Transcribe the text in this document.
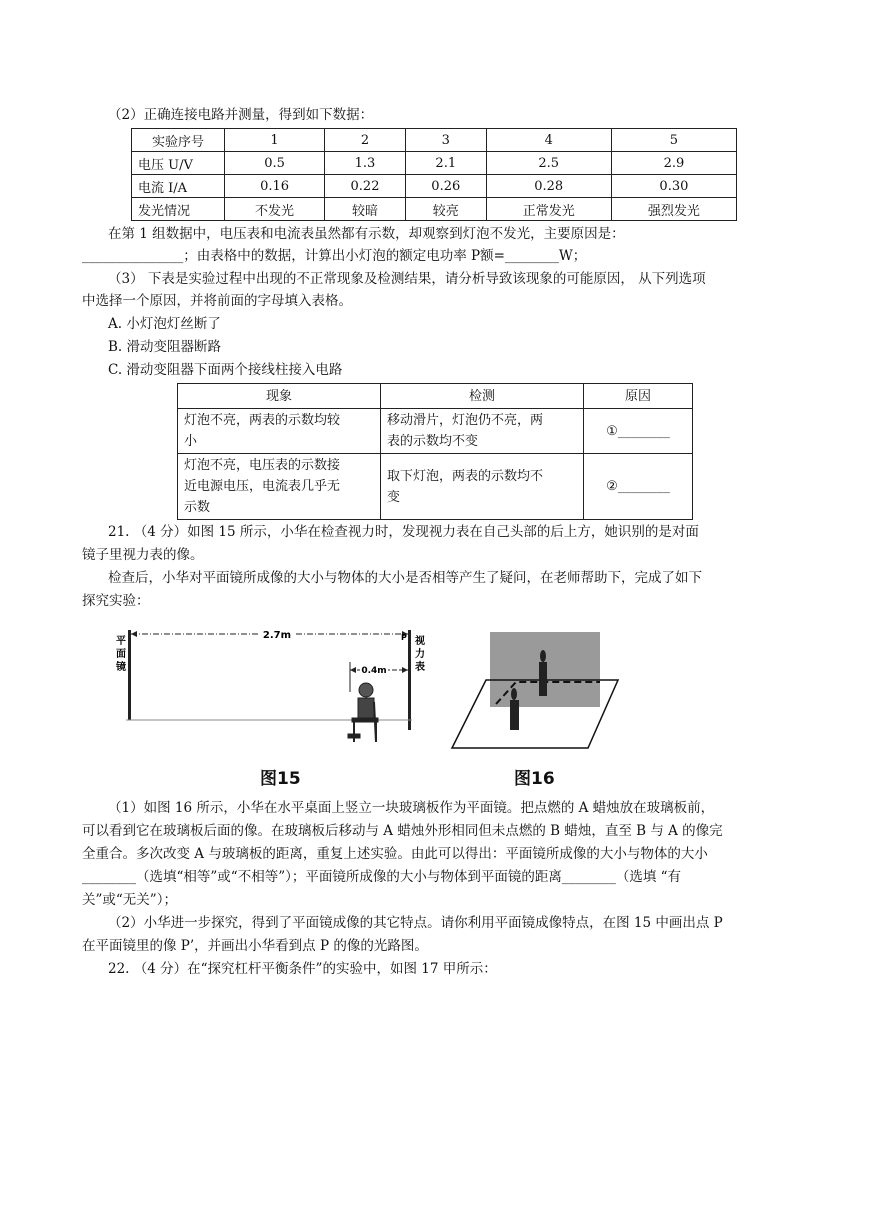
（2）正确连接电路并测量，得到如下数据：
实验序号	1	2	3	4	5
电压 U/V	0.5	1.3	2.1	2.5	2.9
电流 I/A	0.16	0.22	0.26	0.28	0.30
发光情况	不发光	较暗	较亮	正常发光	强烈发光
在第 1 组数据中，电压表和电流表虽然都有示数，却观察到灯泡不发光，主要原因是：
_______________；由表格中的数据，计算出小灯泡的额定电功率 P额=________W；
（3） 下表是实验过程中出现的不正常现象及检测结果，请分析导致该现象的可能原因， 从下列选项
中选择一个原因，并将前面的字母填入表格。
A. 小灯泡灯丝断了
B. 滑动变阻器断路
C. 滑动变阻器下面两个接线柱接入电路
现象	检测	原因
灯泡不亮，两表的示数均较
小	移动滑片，灯泡仍不亮，两
表的示数均不变	①________
灯泡不亮，电压表的示数接
近电源电压，电流表几乎无
示数	取下灯泡，两表的示数均不
变	②________
21. （4 分）如图 15 所示，小华在检查视力时，发现视力表在自己头部的后上方，她识别的是对面
镜子里视力表的像。
检查后，小华对平面镜所成像的大小与物体的大小是否相等产生了疑问，在老师帮助下，完成了如下
探究实验：
2.7m
0.4m
平 面 镜
P 视 力 表
图15	图16
（1）如图 16 所示，小华在水平桌面上竖立一块玻璃板作为平面镜。把点燃的 A 蜡烛放在玻璃板前，
可以看到它在玻璃板后面的像。在玻璃板后移动与 A 蜡烛外形相同但未点燃的 B 蜡烛，直至 B 与 A 的像完
全重合。多次改变 A 与玻璃板的距离，重复上述实验。由此可以得出：平面镜所成像的大小与物体的大小
________（选填“相等”或“不相等”）；平面镜所成像的大小与物体到平面镜的距离________（选填 “有
关”或“无关”）；
（2）小华进一步探究，得到了平面镜成像的其它特点。请你利用平面镜成像特点，在图 15 中画出点 P
在平面镜里的像 P’，并画出小华看到点 P 的像的光路图。
22. （4 分）在“探究杠杆平衡条件”的实验中，如图 17 甲所示：
